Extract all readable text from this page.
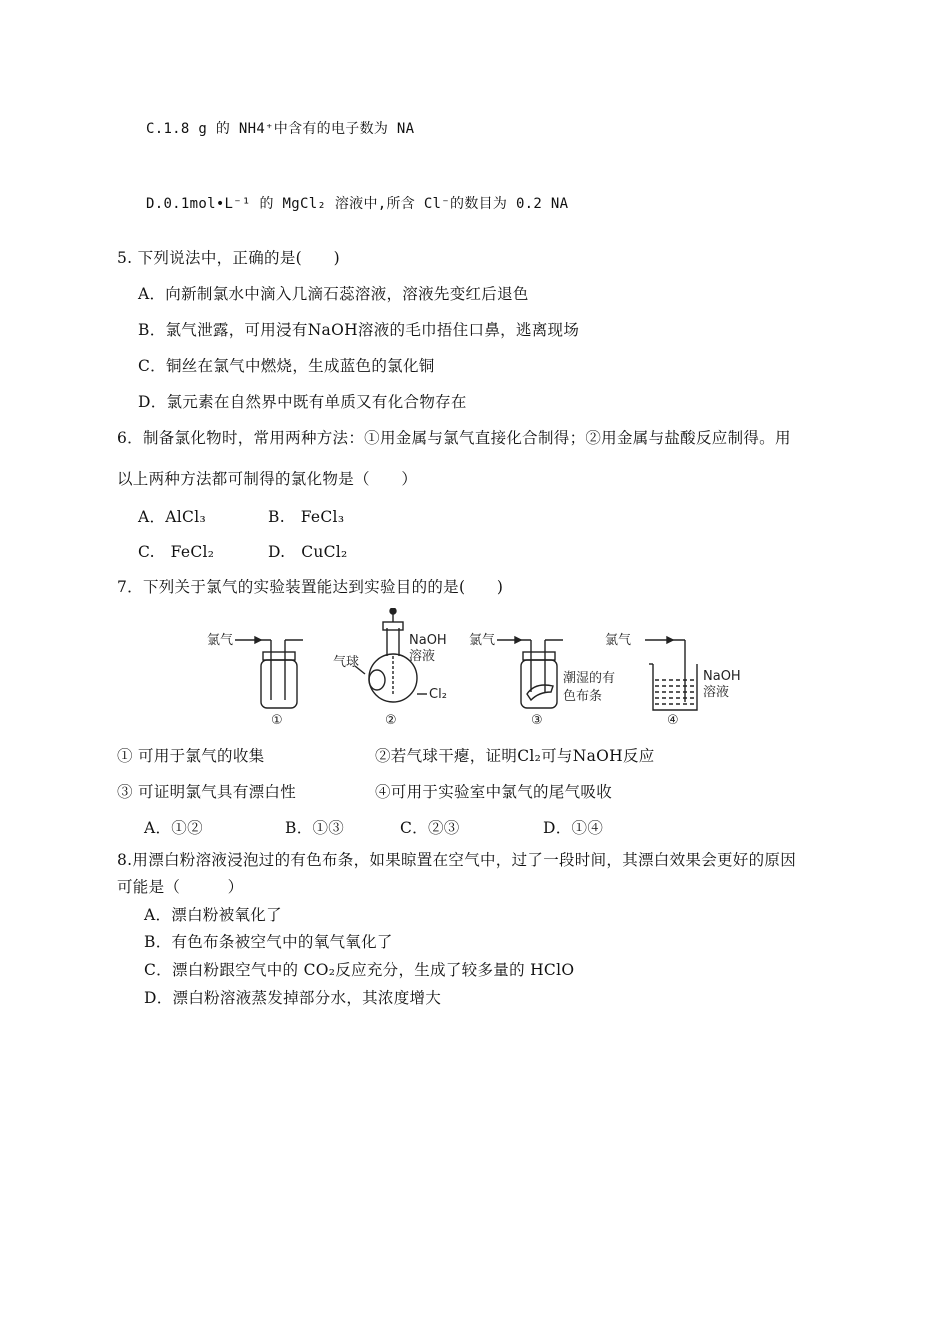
C.1.8 g 的 NH4⁺中含有的电子数为 NA
D.0.1mol•L⁻¹ 的 MgCl₂ 溶液中,所含 Cl⁻的数目为 0.2 NA
5. 下列说法中，正确的是(　　)
A．向新制氯水中滴入几滴石蕊溶液，溶液先变红后退色
B．氯气泄露，可用浸有NaOH溶液的毛巾捂住口鼻，逃离现场
C．铜丝在氯气中燃烧，生成蓝色的氯化铜
D．氯元素在自然界中既有单质又有化合物存在
6．制备氯化物时，常用两种方法：①用金属与氯气直接化合制得；②用金属与盐酸反应制得。用
以上两种方法都可制得的氯化物是（　　）
A．AlCl₃	B.　FeCl₃
C.　FeCl₂	D.　CuCl₂
7．下列关于氯气的实验装置能达到实验目的的是(　　)
氯气
气球
NaOH
溶液
Cl₂
氯气
潮湿的有
色布条
氯气
NaOH
溶液
①	②	③	④
① 可用于氯气的收集	②若气球干瘪，证明Cl₂可与NaOH反应
③ 可证明氯气具有漂白性	④可用于实验室中氯气的尾气吸收
A．①②	B．①③	C．②③	D．①④
8.用漂白粉溶液浸泡过的有色布条，如果晾置在空气中，过了一段时间，其漂白效果会更好的原因
可能是（　　　）
A．漂白粉被氧化了
B．有色布条被空气中的氧气氧化了
C．漂白粉跟空气中的 CO₂反应充分，生成了较多量的 HClO
D．漂白粉溶液蒸发掉部分水，其浓度增大
